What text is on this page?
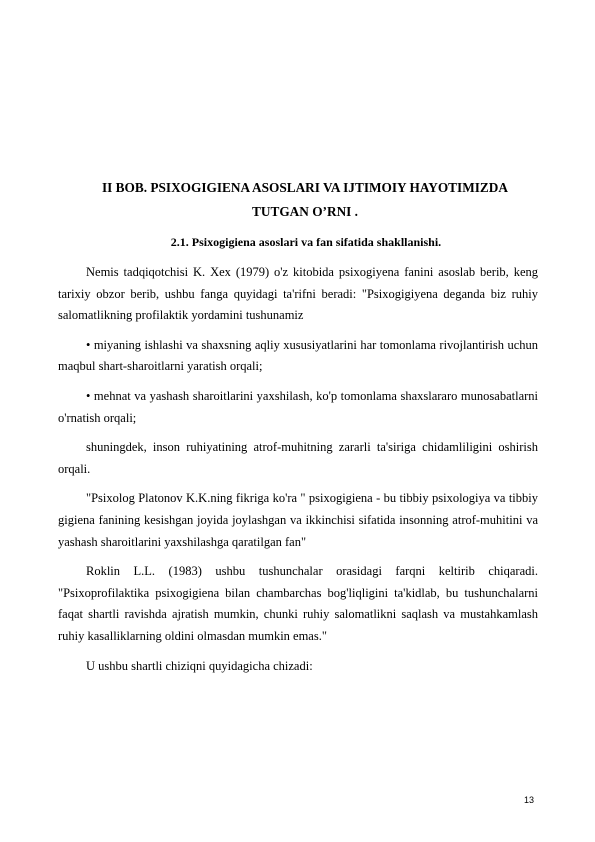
II BOB. PSIXOGIGIENA ASOSLARI VA IJTIMOIY HAYOTIMIZDA
TUTGAN O’RNI .
2.1. Psixogigiena asoslari va fan sifatida shakllanishi.

Nemis tadqiqotchisi K. Xex (1979) o'z kitobida psixogiyena fanini asoslab berib, keng tarixiy obzor berib, ushbu fanga quyidagi ta'rifni beradi: "Psixogigiyena deganda biz ruhiy salomatlikning profilaktik yordamini tushunamiz

• miyaning ishlashi va shaxsning aqliy xususiyatlarini har tomonlama rivojlantirish uchun maqbul shart-sharoitlarni yaratish orqali;

• mehnat va yashash sharoitlarini yaxshilash, ko'p tomonlama shaxslararo munosabatlarni o'rnatish orqali;

shuningdek, inson ruhiyatining atrof-muhitning zararli ta'siriga chidamliligini oshirish orqali.

"Psixolog Platonov K.K.ning fikriga ko'ra " psixogigiena - bu tibbiy psixologiya va tibbiy gigiena fanining kesishgan joyida joylashgan va ikkinchisi sifatida insonning atrof-muhitini va yashash sharoitlarini yaxshilashga qaratilgan fan"

Roklin L.L. (1983) ushbu tushunchalar orasidagi farqni keltirib chiqaradi. "Psixoprofilaktika psixogigiena bilan chambarchas bog'liqligini ta'kidlab, bu tushunchalarni faqat shartli ravishda ajratish mumkin, chunki ruhiy salomatlikni saqlash va mustahkamlash ruhiy kasalliklarning oldini olmasdan mumkin emas."

U ushbu shartli chiziqni quyidagicha chizadi:

13
